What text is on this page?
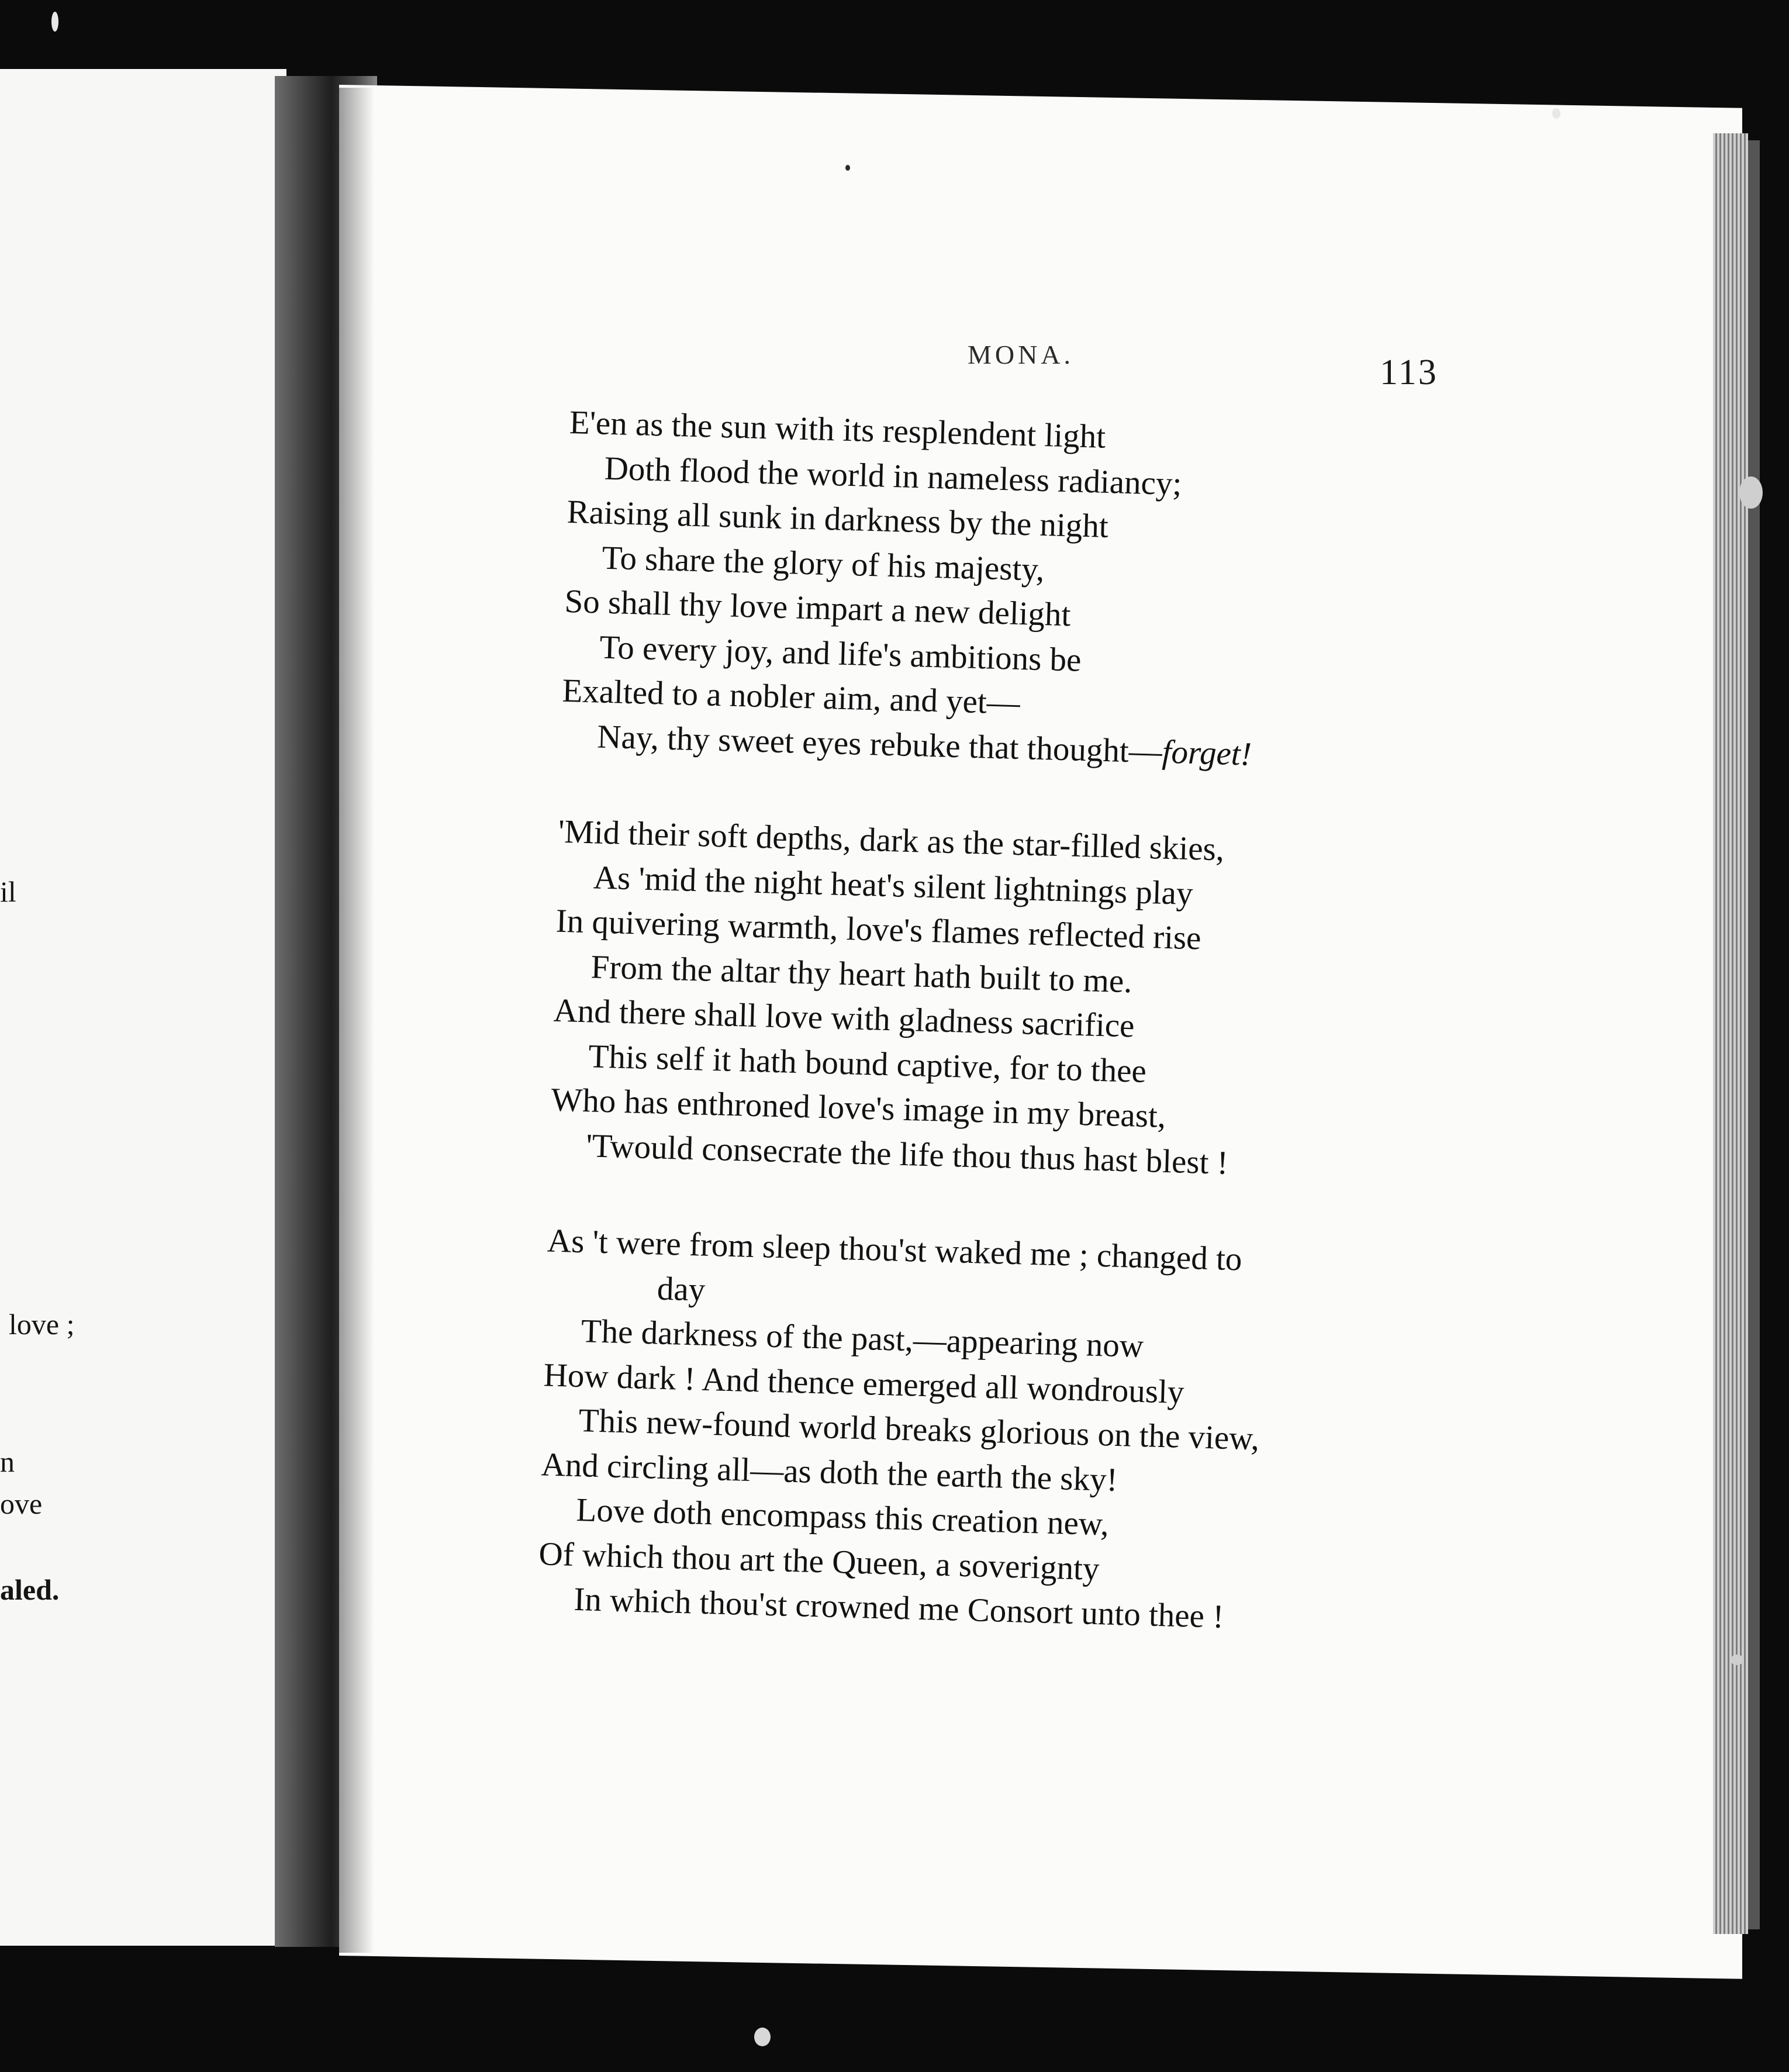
il
love ;
n
ove
aled.
MONA.	113
E'en as the sun with its resplendent light
Doth flood the world in nameless radiancy;
Raising all sunk in darkness by the night
To share the glory of his majesty,
So shall thy love impart a new delight
To every joy, and life's ambitions be
Exalted to a nobler aim, and yet—
Nay, thy sweet eyes rebuke that thought—forget!
'Mid their soft depths, dark as the star-filled skies,
As 'mid the night heat's silent lightnings play
In quivering warmth, love's flames reflected rise
From the altar thy heart hath built to me.
And there shall love with gladness sacrifice
This self it hath bound captive, for to thee
Who has enthroned love's image in my breast,
'Twould consecrate the life thou thus hast blest !
As 't were from sleep thou'st waked me ; changed to
day
The darkness of the past,—appearing now
How dark ! And thence emerged all wondrously
This new-found world breaks glorious on the view,
And circling all—as doth the earth the sky!
Love doth encompass this creation new,
Of which thou art the Queen, a soverignty
In which thou'st crowned me Consort unto thee !
